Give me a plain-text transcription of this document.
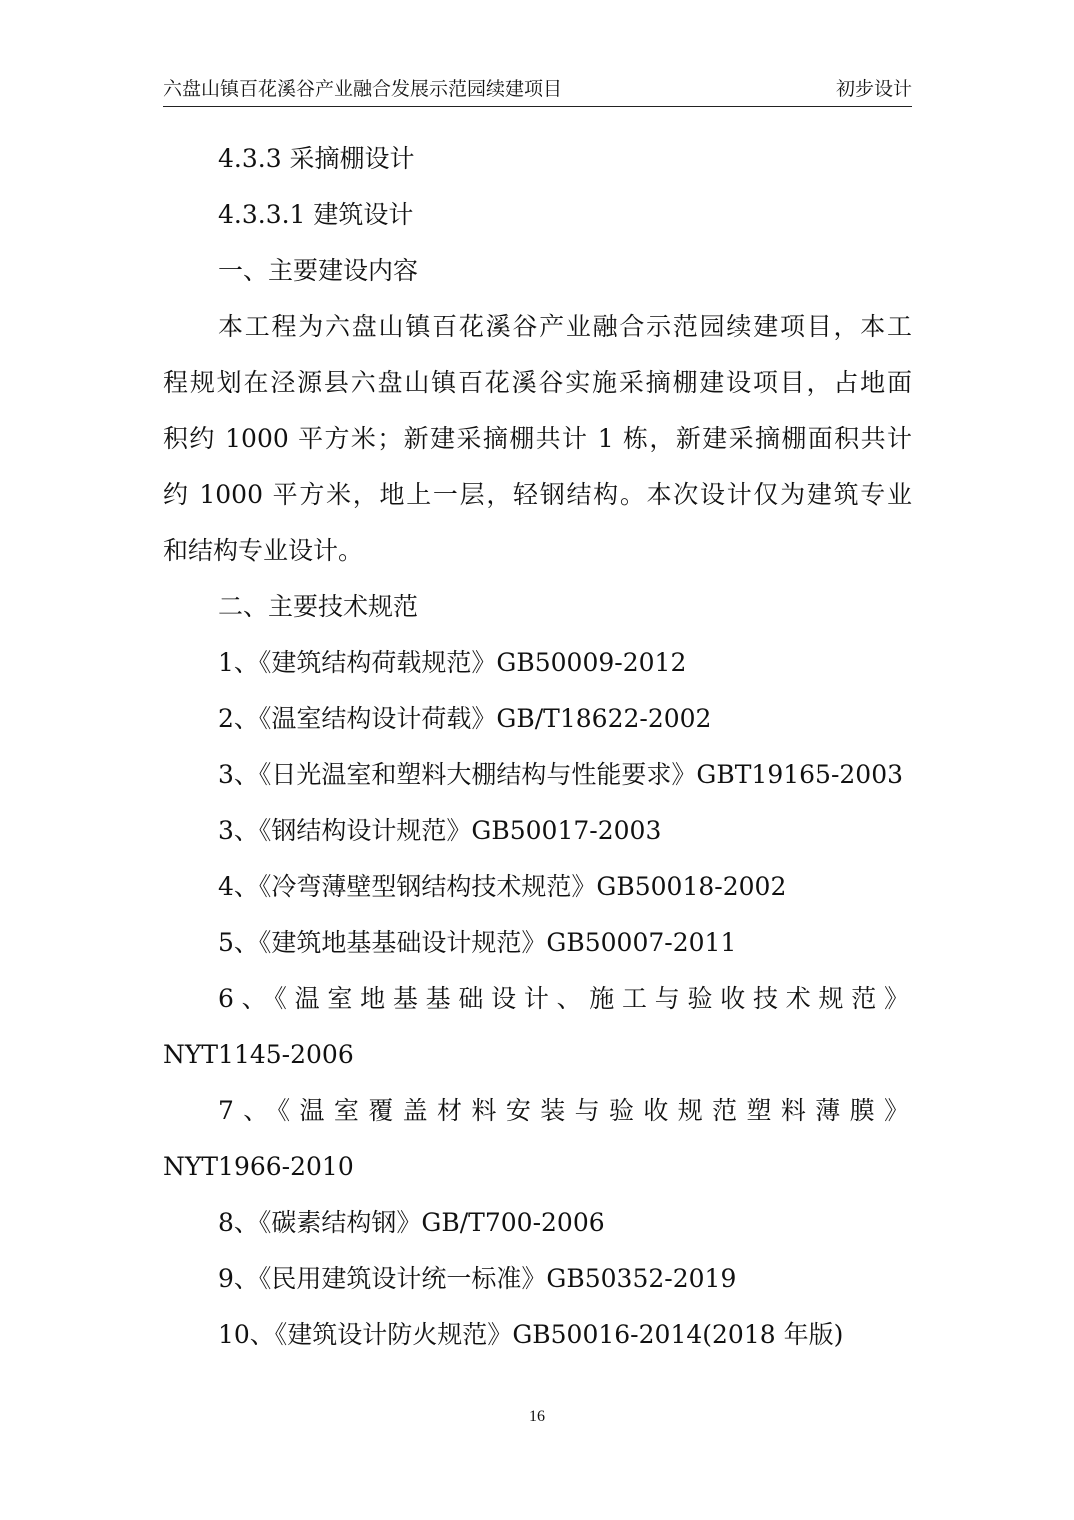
六盘山镇百花溪谷产业融合发展示范园续建项目	初步设计
4.3.3 采摘棚设计
4.3.3.1 建筑设计
一、主要建设内容
本工程为六盘山镇百花溪谷产业融合示范园续建项目，本工
程规划在泾源县六盘山镇百花溪谷实施采摘棚建设项目，占地面
积约 1000 平方米；新建采摘棚共计 1 栋，新建采摘棚面积共计
约 1000 平方米，地上一层，轻钢结构。本次设计仅为建筑专业
和结构专业设计。
二、主要技术规范
1、《建筑结构荷载规范》GB50009-2012
2、《温室结构设计荷载》GB/T18622-2002
3、《日光温室和塑料大棚结构与性能要求》GBT19165-2003
3、《钢结构设计规范》GB50017-2003
4、《冷弯薄壁型钢结构技术规范》GB50018-2002
5、《建筑地基基础设计规范》GB50007-2011
6、《温室地基基础设计、施工与验收技术规范》
NYT1145-2006
7、《温室覆盖材料安装与验收规范塑料薄膜》
NYT1966-2010
8、《碳素结构钢》GB/T700-2006
9、《民用建筑设计统一标准》GB50352-2019
10、《建筑设计防火规范》GB50016-2014(2018 年版)
16
